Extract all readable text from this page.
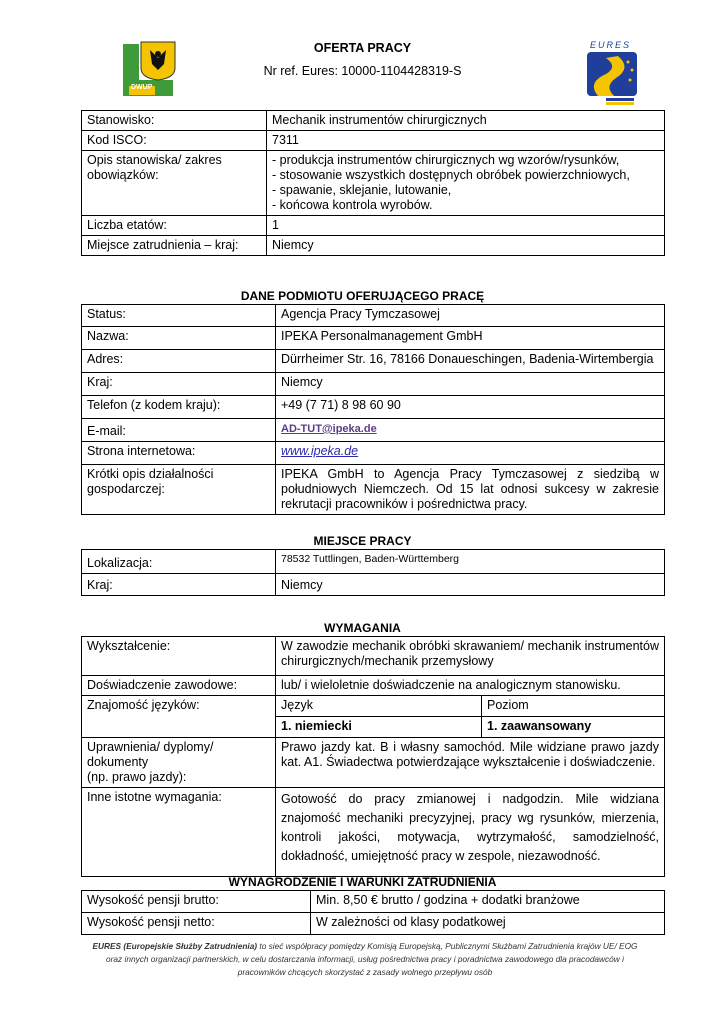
DWUP
EURES
OFERTA PRACY
Nr ref. Eures: 10000-1104428319-S
Stanowisko:	Mechanik instrumentów chirurgicznych
Kod ISCO:	7311
Opis stanowiska/ zakres
obowiązków:	- produkcja instrumentów chirurgicznych wg wzorów/rysunków,
- stosowanie wszystkich dostępnych obróbek powierzchniowych,
- spawanie, sklejanie, lutowanie,
- końcowa kontrola wyrobów.
Liczba etatów:	1
Miejsce zatrudnienia – kraj:	Niemcy
DANE PODMIOTU OFERUJĄCEGO PRACĘ
Status:	Agencja Pracy Tymczasowej
Nazwa:	IPEKA Personalmanagement GmbH
Adres:	Dürrheimer Str. 16, 78166 Donaueschingen, Badenia-Wirtembergia
Kraj:	Niemcy
Telefon (z kodem kraju):	+49 (7 71) 8 98 60 90
E-mail:	AD-TUT@ipeka.de
Strona internetowa:	www.ipeka.de
Krótki opis działalności
gospodarczej:	IPEKA GmbH to Agencja Pracy Tymczasowej z siedzibą w południowych Niemczech. Od 15 lat odnosi sukcesy w zakresie rekrutacji pracowników i pośrednictwa pracy.
MIEJSCE PRACY
Lokalizacja:	78532 Tuttlingen, Baden-Württemberg
Kraj:	Niemcy
WYMAGANIA
Wykształcenie:	W zawodzie mechanik obróbki skrawaniem/ mechanik instrumentów chirurgicznych/mechanik przemysłowy	
Doświadczenie zawodowe:	lub/ i wieloletnie doświadczenie na analogicznym stanowisku.	
Znajomość języków:	Język	Poziom
	1. niemiecki	1. zaawansowany
Uprawnienia/ dyplomy/ dokumenty
(np. prawo jazdy):	Prawo jazdy kat. B i własny samochód. Mile widziane prawo jazdy kat. A1. Świadectwa potwierdzające wykształcenie i doświadczenie.	
Inne istotne wymagania:	Gotowość do pracy zmianowej i nadgodzin. Mile widziana znajomość mechaniki precyzyjnej, pracy wg rysunków, mierzenia, kontroli jakości, motywacja, wytrzymałość, samodzielność, dokładność, umiejętność pracy w zespole, niezawodność.	
WYNAGRODZENIE I WARUNKI ZATRUDNIENIA
Wysokość pensji brutto:	Min. 8,50 € brutto / godzina + dodatki branżowe
Wysokość pensji netto:	W zależności od klasy podatkowej
EURES (Europejskie Służby Zatrudnienia) to sieć współpracy pomiędzy Komisją Europejską, Publicznymi Służbami Zatrudnienia krajów UE/ EOG
oraz innych organizacji partnerskich, w celu dostarczania informacji, usług pośrednictwa pracy i poradnictwa zawodowego dla pracodawców i
pracowników chcących skorzystać z zasady wolnego przepływu osób
